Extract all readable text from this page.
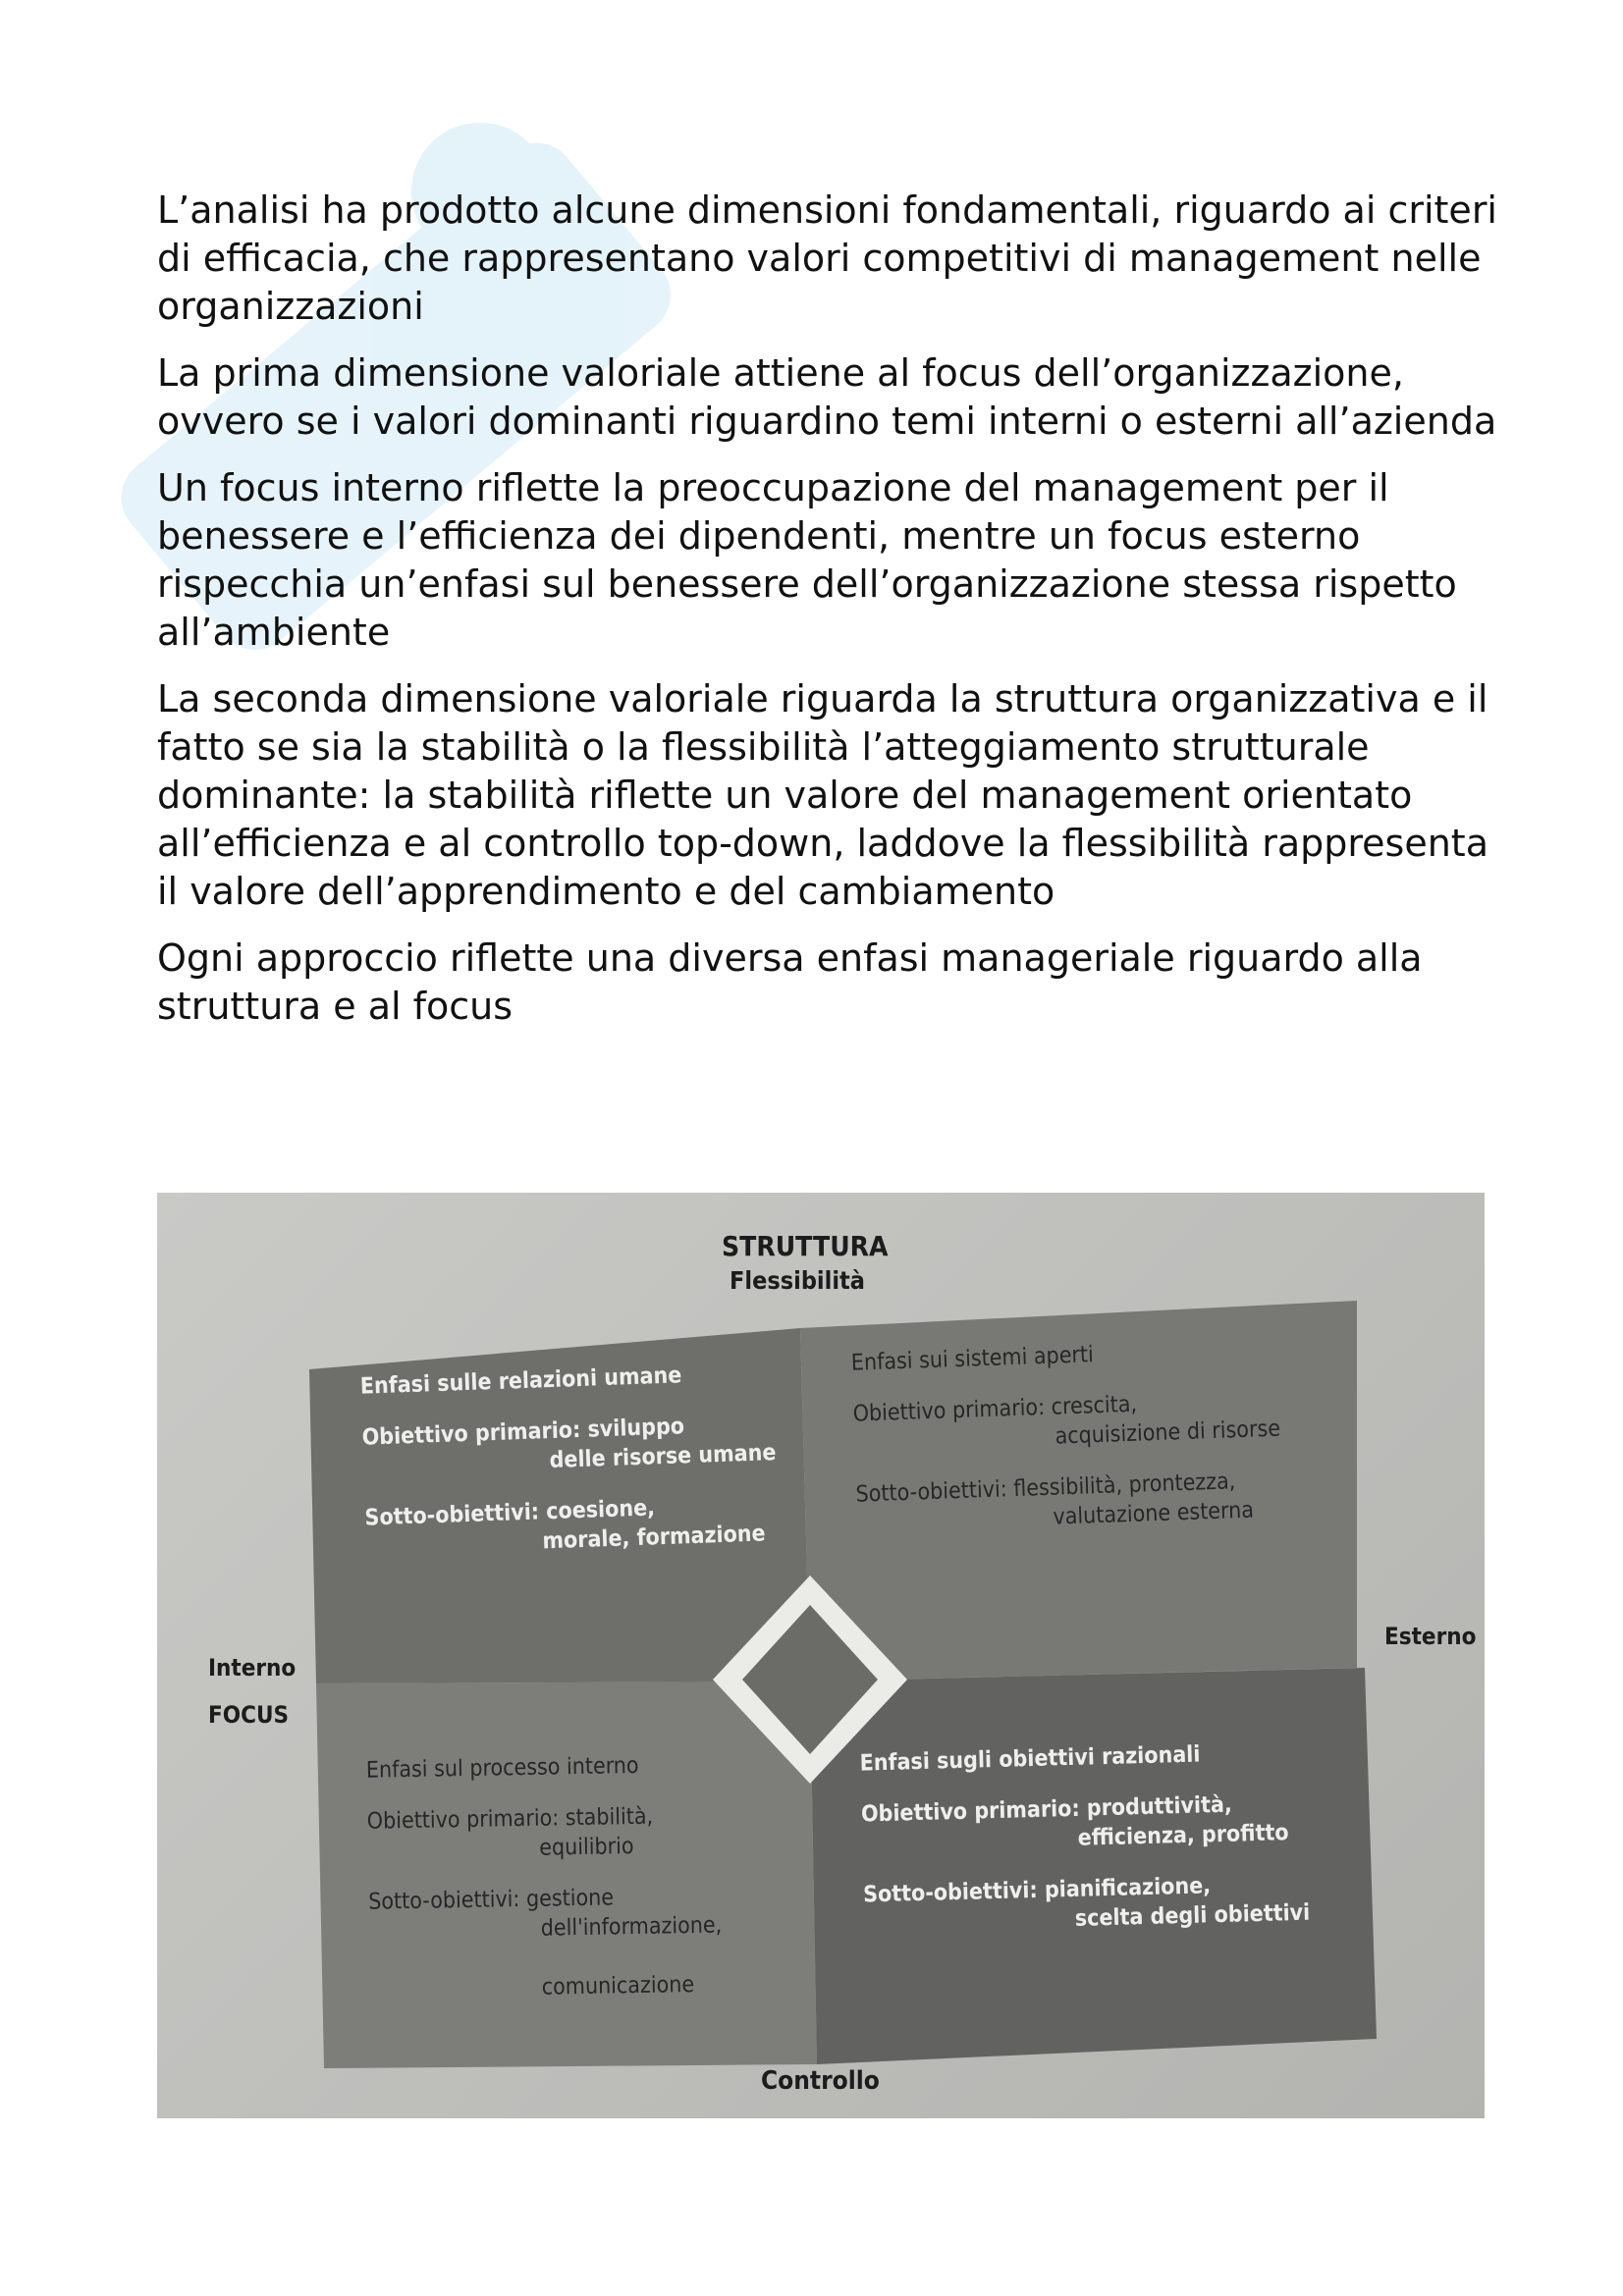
L’analisi ha prodotto alcune dimensioni fondamentali, riguardo ai criteri di efficacia, che rappresentano valori competitivi di management nelle organizzazioni

La prima dimensione valoriale attiene al focus dell’organizzazione, ovvero se i valori dominanti riguardino temi interni o esterni all’azienda

Un focus interno riflette la preoccupazione del management per il benessere e l’efficienza dei dipendenti, mentre un focus esterno rispecchia un’enfasi sul benessere dell’organizzazione stessa rispetto all’ambiente

La seconda dimensione valoriale riguarda la struttura organizzativa e il fatto se sia la stabilità o la flessibilità l’atteggiamento strutturale dominante: la stabilità riflette un valore del management orientato all’efficienza e al controllo top-down, laddove la flessibilità rappresenta il valore dell’apprendimento e del cambiamento

Ogni approccio riflette una diversa enfasi manageriale riguardo alla struttura e al focus

STRUTTURA
Flessibilità
Controllo
Interno
FOCUS
Esterno

Enfasi sulle relazioni umane

Obiettivo primario: sviluppo

delle risorse umane

Sotto-obiettivi: coesione,

morale, formazione

Enfasi sui sistemi aperti

Obiettivo primario: crescita,

acquisizione di risorse

Sotto-obiettivi: flessibilità, prontezza,

valutazione esterna

Enfasi sul processo interno

Obiettivo primario: stabilità,

equilibrio

Sotto-obiettivi: gestione

dell'informazione,

comunicazione

Enfasi sugli obiettivi razionali

Obiettivo primario: produttività,

efficienza, profitto

Sotto-obiettivi: pianificazione,

scelta degli obiettivi
